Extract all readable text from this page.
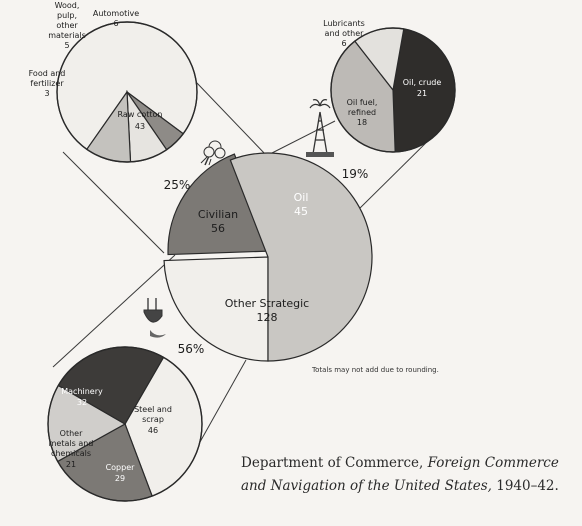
Civilian
56
25%
Oil
45
19%
Other Strategic
128
56%
Raw cotton
43
Food and
fertilizer
3
Wood,
pulp,
other
materials
5
Automotive
6	Lubricants
and other
6
Oil, crude
21
Oil fuel,
refined
18
Machinery
32
Steel and
scrap
46
Other
metals and
chemicals
21	Copper
29
Totals may not add due to rounding.
Department of Commerce, Foreign Commerce and Navigation of the United States, 1940–42.
